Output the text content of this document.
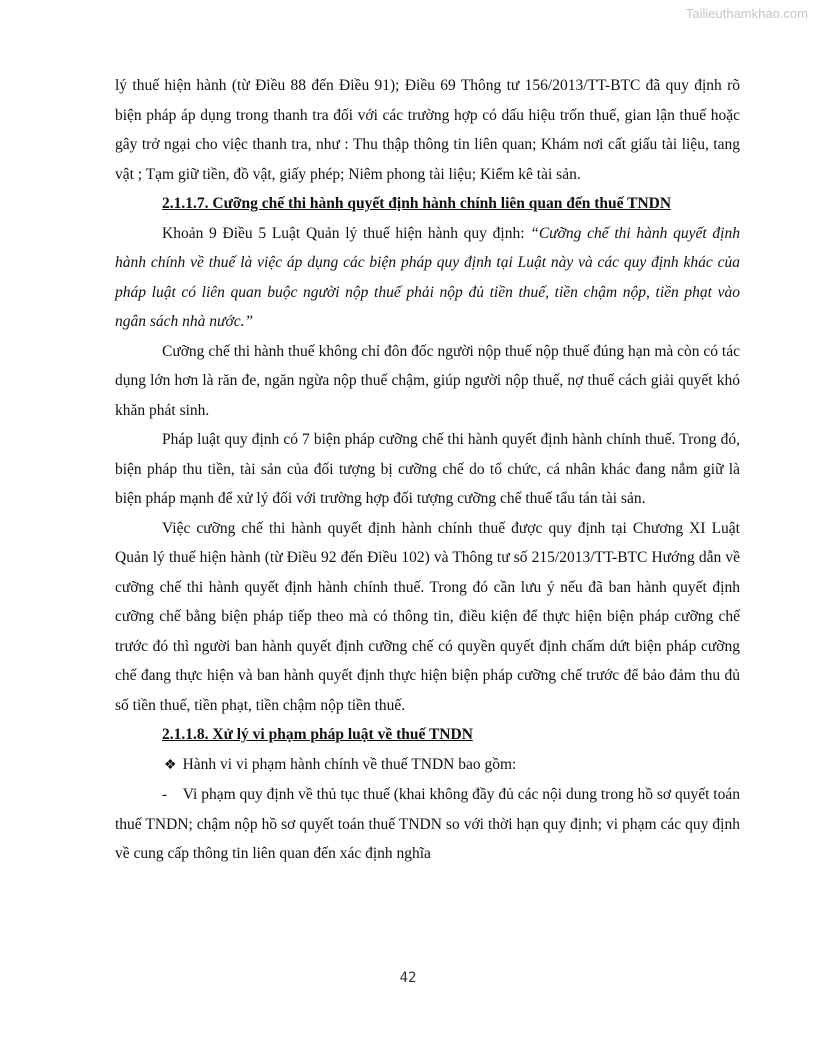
Tailieuthamkhao.com

lý thuế hiện hành (từ Điều 88 đến Điều 91); Điều 69 Thông tư 156/2013/TT-BTC đã quy định rõ biện pháp áp dụng trong thanh tra đối với các trường hợp có dấu hiệu trốn thuế, gian lận thuế hoặc gây trở ngại cho việc thanh tra, như : Thu thập thông tin liên quan; Khám nơi cất giấu tài liệu, tang vật ; Tạm giữ tiền, đồ vật, giấy phép; Niêm phong tài liệu; Kiểm kê tài sản.

2.1.1.7. Cưỡng chế thi hành quyết định hành chính liên quan đến thuế TNDN

Khoản 9 Điều 5 Luật Quản lý thuế hiện hành quy định: “Cưỡng chế thi hành quyết định hành chính về thuế là việc áp dụng các biện pháp quy định tại Luật này và các quy định khác của pháp luật có liên quan buộc người nộp thuế phải nộp đủ tiền thuế, tiền chậm nộp, tiền phạt vào ngân sách nhà nước.”

Cưỡng chế thi hành thuế không chỉ đôn đốc người nộp thuế nộp thuế đúng hạn mà còn có tác dụng lớn hơn là răn đe, ngăn ngừa nộp thuế chậm, giúp người nộp thuế, nợ thuế cách giải quyết khó khăn phát sinh.

Pháp luật quy định có 7 biện pháp cưỡng chế thi hành quyết định hành chính thuế. Trong đó, biện pháp thu tiền, tài sản của đối tượng bị cưỡng chế do tổ chức, cá nhân khác đang nắm giữ là biện pháp mạnh để xử lý đối với trường hợp đối tượng cưỡng chế thuế tẩu tán tài sản.

Việc cưỡng chế thi hành quyết định hành chính thuế được quy định tại Chương XI Luật Quản lý thuế hiện hành (từ Điều 92 đến Điều 102) và Thông tư số 215/2013/TT-BTC Hướng dẫn về cưỡng chế thi hành quyết định hành chính thuế. Trong đó cần lưu ý nếu đã ban hành quyết định cưỡng chế bằng biện pháp tiếp theo mà có thông tin, điều kiện để thực hiện biện pháp cưỡng chế trước đó thì người ban hành quyết định cưỡng chế có quyền quyết định chấm dứt biện pháp cưỡng chế đang thực hiện và ban hành quyết định thực hiện biện pháp cưỡng chế trước để bảo đảm thu đủ số tiền thuế, tiền phạt, tiền chậm nộp tiền thuế.

2.1.1.8. Xử lý vi phạm pháp luật về thuế TNDN

❖ Hành vi vi phạm hành chính về thuế TNDN bao gồm:

- Vi phạm quy định về thủ tục thuế (khai không đầy đủ các nội dung trong hồ sơ quyết toán thuế TNDN; chậm nộp hồ sơ quyết toán thuế TNDN so với thời hạn quy định; vi phạm các quy định về cung cấp thông tin liên quan đến xác định nghĩa

42
